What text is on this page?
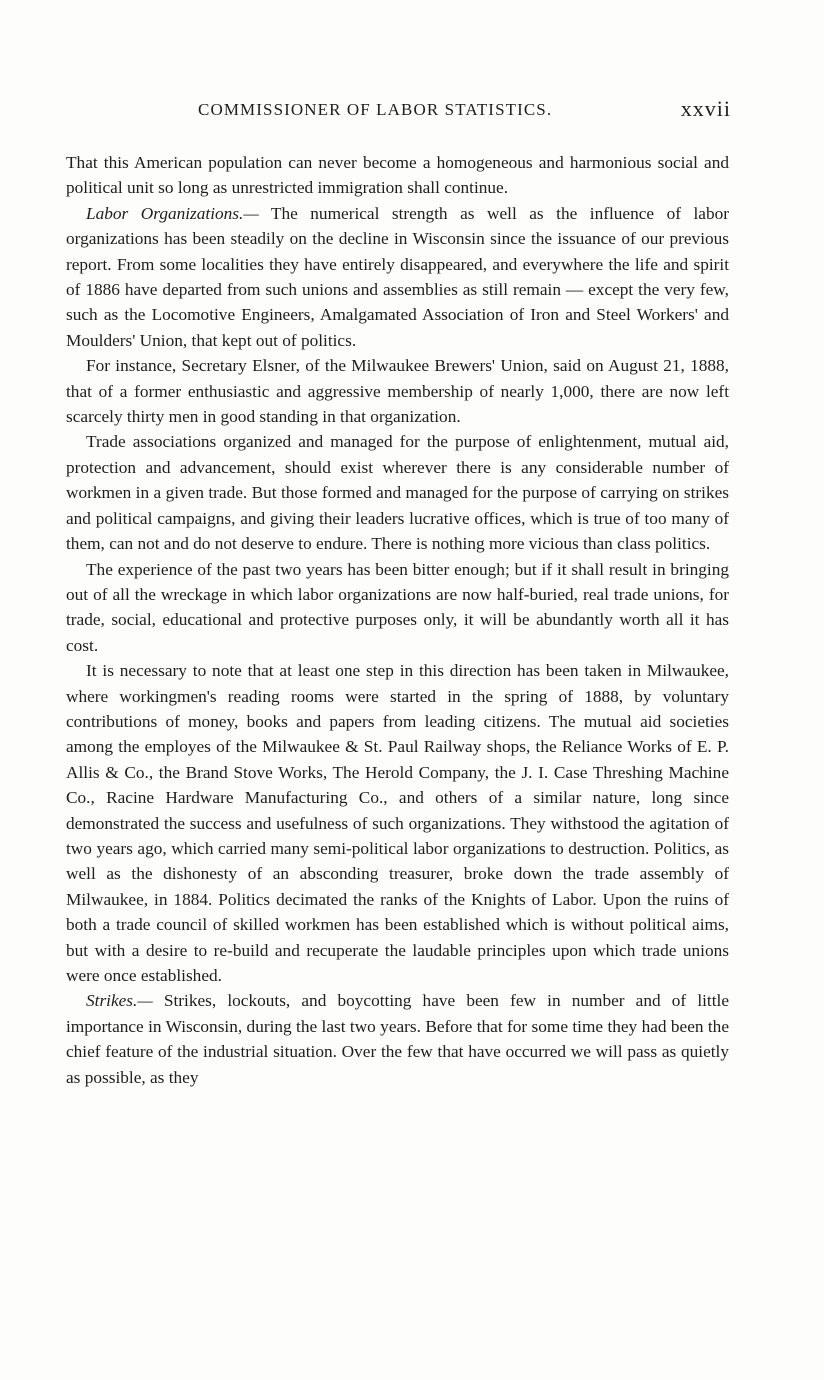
COMMISSIONER OF LABOR STATISTICS.	xxvii

That this American population can never become a homogeneous and harmonious social and political unit so long as unrestricted immigration shall continue.

Labor Organizations.— The numerical strength as well as the influence of labor organizations has been steadily on the decline in Wisconsin since the issuance of our previous report. From some localities they have entirely disappeared, and everywhere the life and spirit of 1886 have departed from such unions and assemblies as still remain — except the very few, such as the Locomotive Engineers, Amalgamated Association of Iron and Steel Workers' and Moulders' Union, that kept out of politics.

For instance, Secretary Elsner, of the Milwaukee Brewers' Union, said on August 21, 1888, that of a former enthusiastic and aggressive membership of nearly 1,000, there are now left scarcely thirty men in good standing in that organization.

Trade associations organized and managed for the purpose of enlightenment, mutual aid, protection and advancement, should exist wherever there is any considerable number of workmen in a given trade. But those formed and managed for the purpose of carrying on strikes and political campaigns, and giving their leaders lucrative offices, which is true of too many of them, can not and do not deserve to endure. There is nothing more vicious than class politics.

The experience of the past two years has been bitter enough; but if it shall result in bringing out of all the wreckage in which labor organizations are now half-buried, real trade unions, for trade, social, educational and protective purposes only, it will be abundantly worth all it has cost.

It is necessary to note that at least one step in this direction has been taken in Milwaukee, where workingmen's reading rooms were started in the spring of 1888, by voluntary contributions of money, books and papers from leading citizens. The mutual aid societies among the employes of the Milwaukee & St. Paul Railway shops, the Reliance Works of E. P. Allis & Co., the Brand Stove Works, The Herold Company, the J. I. Case Threshing Machine Co., Racine Hardware Manufacturing Co., and others of a similar nature, long since demonstrated the success and usefulness of such organizations. They withstood the agitation of two years ago, which carried many semi-political labor organizations to destruction. Politics, as well as the dishonesty of an absconding treasurer, broke down the trade assembly of Milwaukee, in 1884. Politics decimated the ranks of the Knights of Labor. Upon the ruins of both a trade council of skilled workmen has been established which is without political aims, but with a desire to re-build and recuperate the laudable principles upon which trade unions were once established.

Strikes.— Strikes, lockouts, and boycotting have been few in number and of little importance in Wisconsin, during the last two years. Before that for some time they had been the chief feature of the industrial situation. Over the few that have occurred we will pass as quietly as possible, as they
